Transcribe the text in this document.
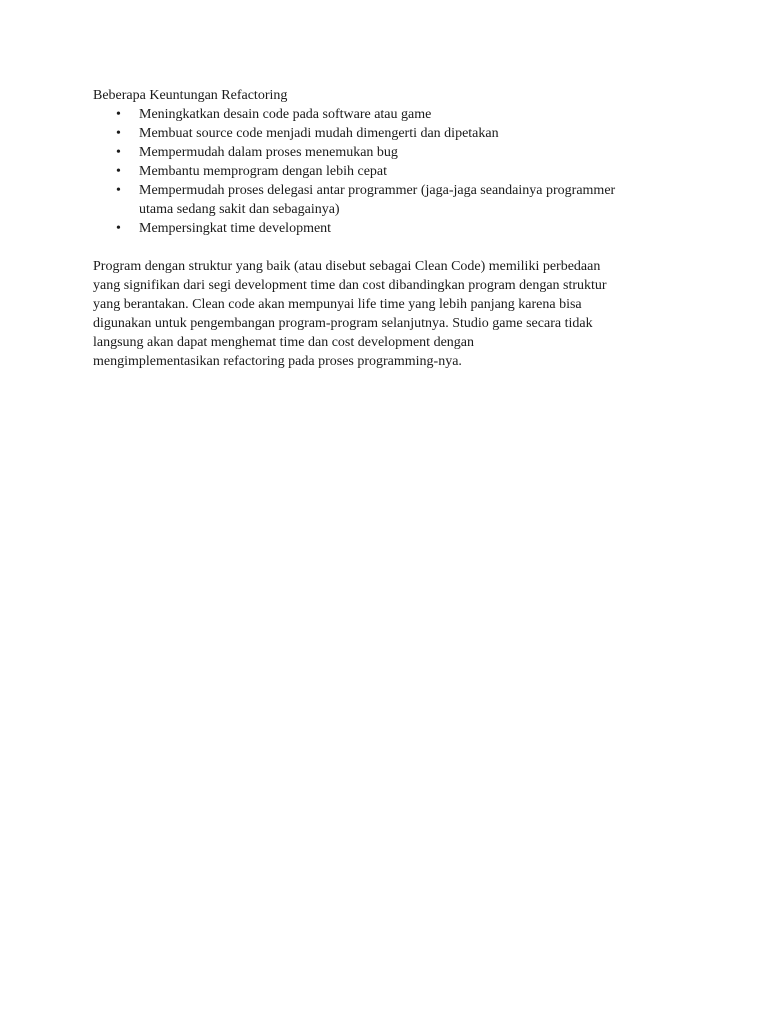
Beberapa Keuntungan Refactoring
• Meningkatkan desain code pada software atau game
• Membuat source code menjadi mudah dimengerti dan dipetakan
• Mempermudah dalam proses menemukan bug
• Membantu memprogram dengan lebih cepat
• Mempermudah proses delegasi antar programmer (jaga-jaga seandainya programmer
utama sedang sakit dan sebagainya)
• Mempersingkat time development
Program dengan struktur yang baik (atau disebut sebagai Clean Code) memiliki perbedaan
yang signifikan dari segi development time dan cost dibandingkan program dengan struktur
yang berantakan. Clean code akan mempunyai life time yang lebih panjang karena bisa
digunakan untuk pengembangan program-program selanjutnya. Studio game secara tidak
langsung akan dapat menghemat time dan cost development dengan
mengimplementasikan refactoring pada proses programming-nya.
